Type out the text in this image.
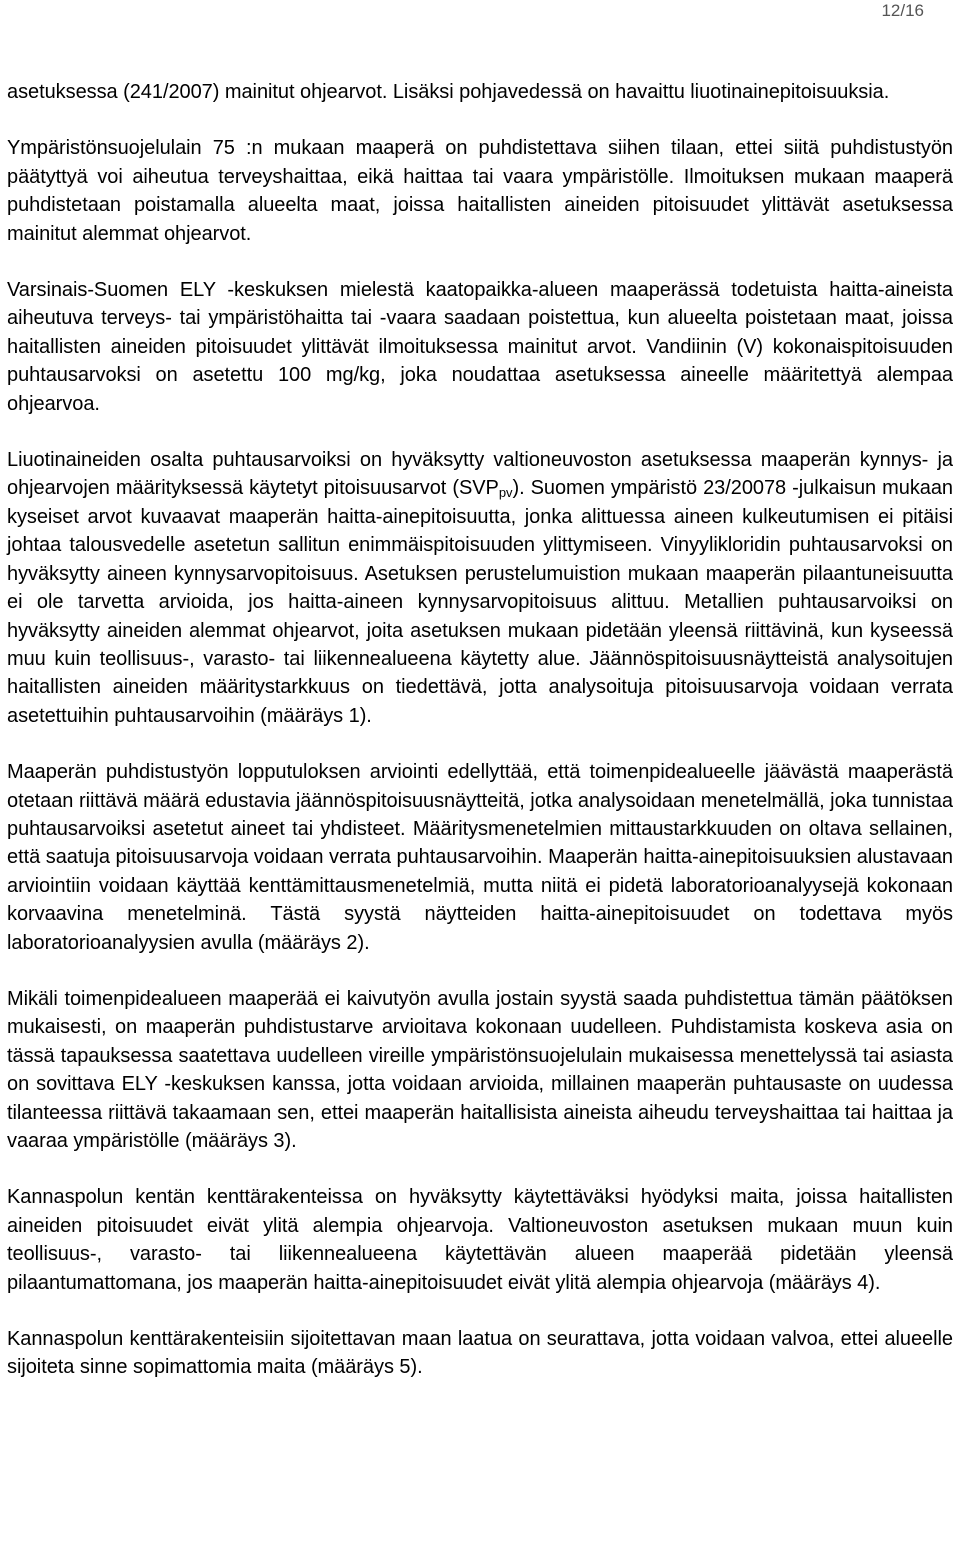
12/16

asetuksessa (241/2007) mainitut ohjearvot. Lisäksi pohjavedessä on havaittu liuotinainepitoisuuksia.

Ympäristönsuojelulain 75 :n mukaan maaperä on puhdistettava siihen tilaan, ettei siitä puhdistustyön päätyttyä voi aiheutua terveyshaittaa, eikä haittaa tai vaara ympäristölle. Ilmoituksen mukaan maaperä puhdistetaan poistamalla alueelta maat, joissa haitallisten aineiden pitoisuudet ylittävät asetuksessa mainitut alemmat ohjearvot.

Varsinais-Suomen ELY -keskuksen mielestä kaatopaikka-alueen maaperässä todetuista haitta-aineista aiheutuva terveys- tai ympäristöhaitta tai -vaara saadaan poistettua, kun alueelta poistetaan maat, joissa haitallisten aineiden pitoisuudet ylittävät ilmoituksessa mainitut arvot. Vandiinin (V) kokonaispitoisuuden puhtausarvoksi on asetettu 100 mg/kg, joka noudattaa asetuksessa aineelle määritettyä alempaa ohjearvoa.

Liuotinaineiden osalta puhtausarvoiksi on hyväksytty valtioneuvoston asetuksessa maaperän kynnys- ja ohjearvojen määrityksessä käytetyt pitoisuusarvot $(SVP_{pv})$. Suomen ympäristö 23/20078 -julkaisun mukaan kyseiset arvot kuvaavat maaperän haitta-ainepitoisuutta, jonka alittuessa aineen kulkeutumisen ei pitäisi johtaa talousvedelle asetetun sallitun enimmäispitoisuuden ylittymiseen. Vinyylikloridin puhtausarvoksi on hyväksytty aineen kynnysarvopitoisuus. Asetuksen perustelumuistion mukaan maaperän pilaantuneisuutta ei ole tarvetta arvioida, jos haitta-aineen kynnysarvopitoisuus alittuu. Metallien puhtausarvoiksi on hyväksytty aineiden alemmat ohjearvot, joita asetuksen mukaan pidetään yleensä riittävinä, kun kyseessä muu kuin teollisuus-, varasto- tai liikennealueena käytetty alue. Jäännöspitoisuusnäytteistä analysoitujen haitallisten aineiden määritystarkkuus on tiedettävä, jotta analysoituja pitoisuusarvoja voidaan verrata asetettuihin puhtausarvoihin (määräys 1).

Maaperän puhdistustyön lopputuloksen arviointi edellyttää, että toimenpidealueelle jäävästä maaperästä otetaan riittävä määrä edustavia jäännöspitoisuusnäytteitä, jotka analysoidaan menetelmällä, joka tunnistaa puhtausarvoiksi asetetut aineet tai yhdisteet. Määritysmenetelmien mittaustarkkuuden on oltava sellainen, että saatuja pitoisuusarvoja voidaan verrata puhtausarvoihin. Maaperän haitta-ainepitoisuuksien alustavaan arviointiin voidaan käyttää kenttämittausmenetelmiä, mutta niitä ei pidetä laboratorioanalyysejä kokonaan korvaavina menetelminä. Tästä syystä näytteiden haitta-ainepitoisuudet on todettava myös laboratorioanalyysien avulla (määräys 2).

Mikäli toimenpidealueen maaperää ei kaivutyön avulla jostain syystä saada puhdistettua tämän päätöksen mukaisesti, on maaperän puhdistustarve arvioitava kokonaan uudelleen. Puhdistamista koskeva asia on tässä tapauksessa saatettava uudelleen vireille ympäristönsuojelulain mukaisessa menettelyssä tai asiasta on sovittava ELY -keskuksen kanssa, jotta voidaan arvioida, millainen maaperän puhtausaste on uudessa tilanteessa riittävä takaamaan sen, ettei maaperän haitallisista aineista aiheudu terveyshaittaa tai haittaa ja vaaraa ympäristölle (määräys 3).

Kannaspolun kentän kenttärakenteissa on hyväksytty käytettäväksi hyödyksi maita, joissa haitallisten aineiden pitoisuudet eivät ylitä alempia ohjearvoja. Valtioneuvoston asetuksen mukaan muun kuin teollisuus-, varasto- tai liikennealueena käytettävän alueen maaperää pidetään yleensä pilaantumattomana, jos maaperän haitta-ainepitoisuudet eivät ylitä alempia ohjearvoja (määräys 4).

Kannaspolun kenttärakenteisiin sijoitettavan maan laatua on seurattava, jotta voidaan valvoa, ettei alueelle sijoiteta sinne sopimattomia maita (määräys 5).
